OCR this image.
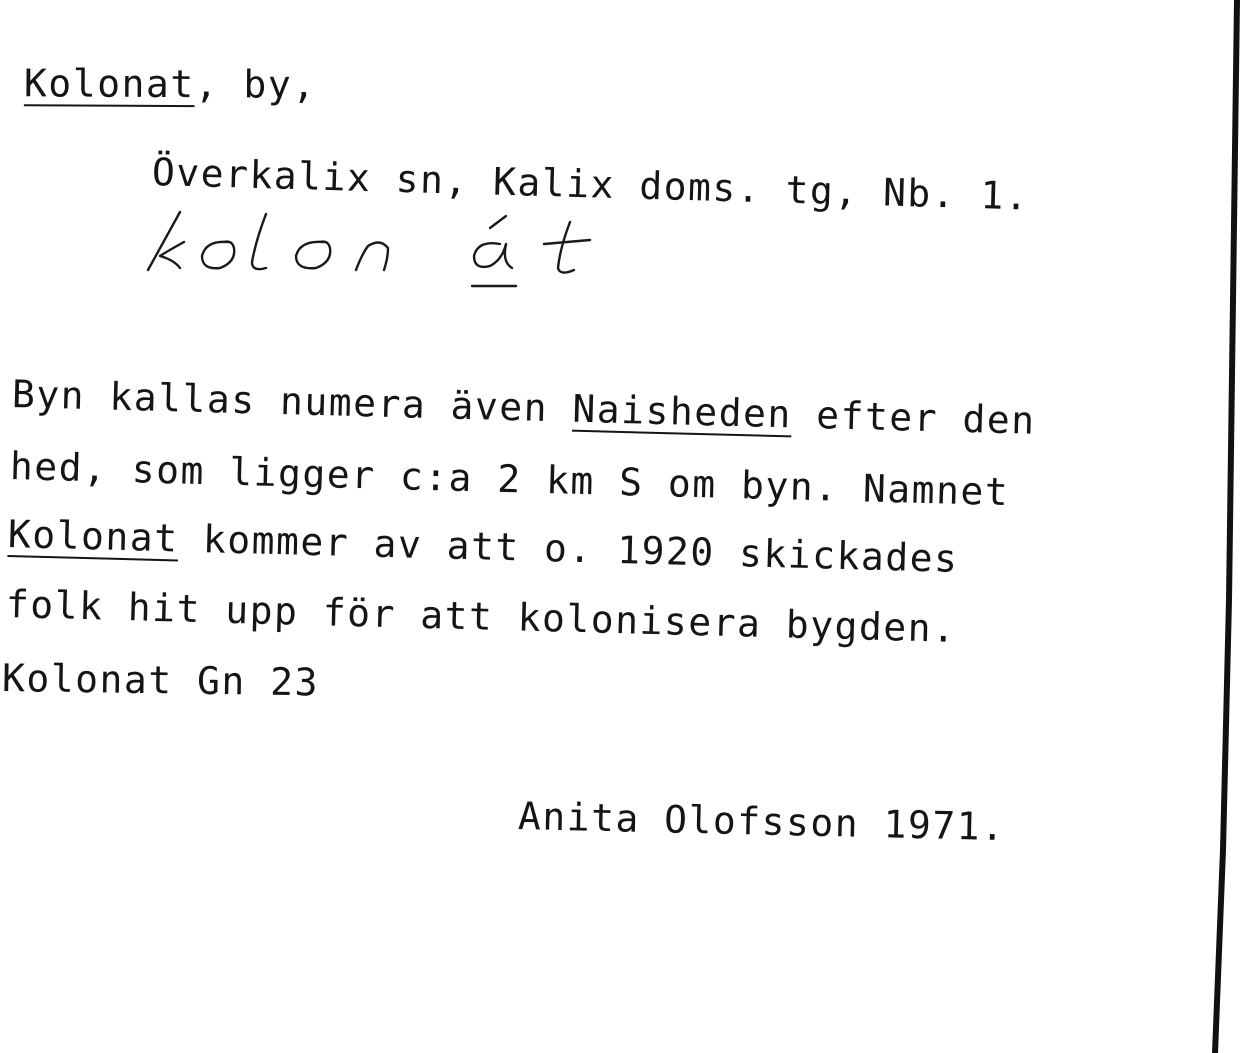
Kolonat, by,
Överkalix sn, Kalix doms. tg, Nb. 1.
Byn kallas numera även Naisheden efter den
hed, som ligger c:a 2 km S om byn. Namnet
Kolonat kommer av att o. 1920 skickades
folk hit upp för att kolonisera bygden.
Kolonat Gn 23
Anita Olofsson 1971.
